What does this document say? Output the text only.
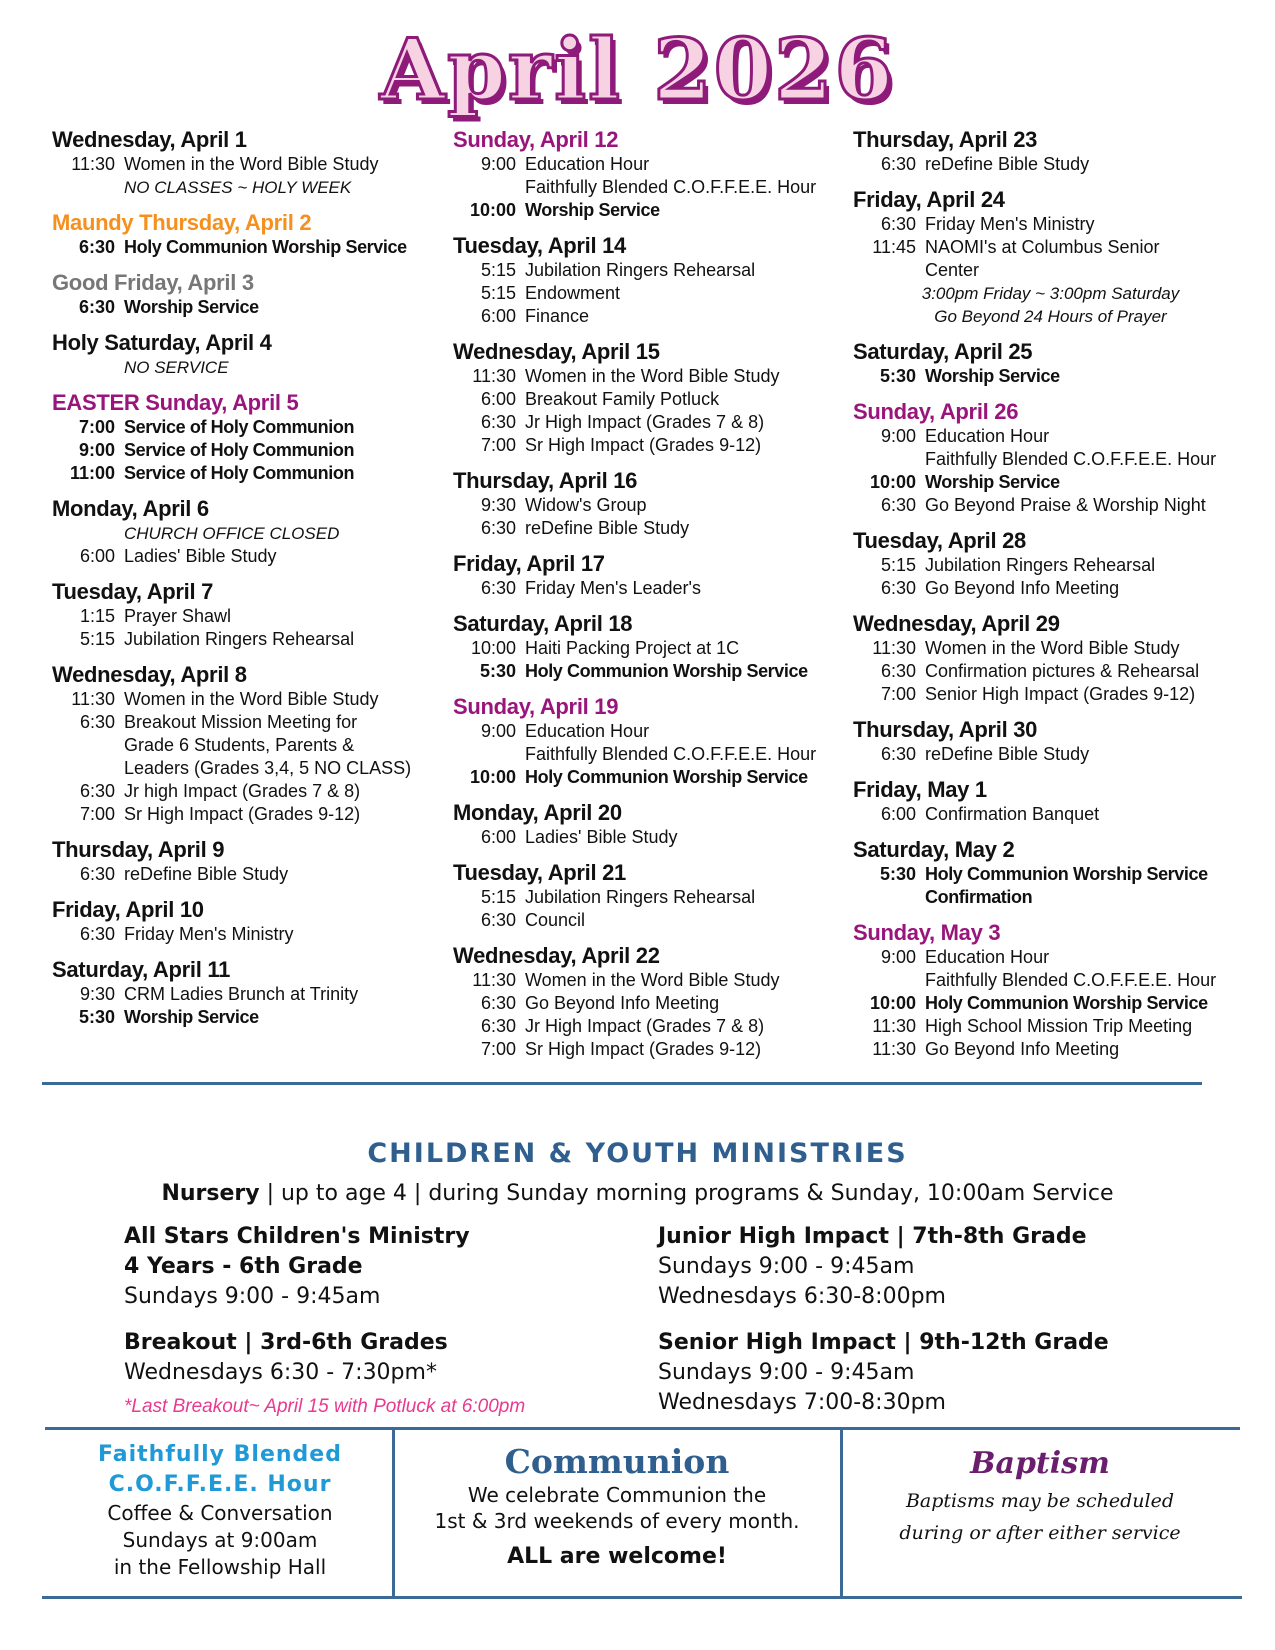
April 2026
Wednesday, April 1
11:30 Women in the Word Bible Study
NO CLASSES ~ HOLY WEEK
Maundy Thursday, April 2
6:30 Holy Communion Worship Service
Good Friday, April 3
6:30 Worship Service
Holy Saturday, April 4
NO SERVICE
EASTER Sunday, April 5
7:00 Service of Holy Communion
9:00 Service of Holy Communion
11:00 Service of Holy Communion
Monday, April 6
CHURCH OFFICE CLOSED
6:00 Ladies' Bible Study
Tuesday, April 7
1:15 Prayer Shawl
5:15 Jubilation Ringers Rehearsal
Wednesday, April 8
11:30 Women in the Word Bible Study
6:30 Breakout Mission Meeting for
Grade 6 Students, Parents &
Leaders (Grades 3,4, 5 NO CLASS)
6:30 Jr high Impact (Grades 7 & 8)
7:00 Sr High Impact (Grades 9-12)
Thursday, April 9
6:30 reDefine Bible Study
Friday, April 10
6:30 Friday Men's Ministry
Saturday, April 11
9:30 CRM Ladies Brunch at Trinity
5:30 Worship Service
Sunday, April 12
9:00 Education Hour
Faithfully Blended C.O.F.F.E.E. Hour
10:00 Worship Service
Tuesday, April 14
5:15 Jubilation Ringers Rehearsal
5:15 Endowment
6:00 Finance
Wednesday, April 15
11:30 Women in the Word Bible Study
6:00 Breakout Family Potluck
6:30 Jr High Impact (Grades 7 & 8)
7:00 Sr High Impact (Grades 9-12)
Thursday, April 16
9:30 Widow's Group
6:30 reDefine Bible Study
Friday, April 17
6:30 Friday Men's Leader's
Saturday, April 18
10:00 Haiti Packing Project at 1C
5:30 Holy Communion Worship Service
Sunday, April 19
9:00 Education Hour
Faithfully Blended C.O.F.F.E.E. Hour
10:00 Holy Communion Worship Service
Monday, April 20
6:00 Ladies' Bible Study
Tuesday, April 21
5:15 Jubilation Ringers Rehearsal
6:30 Council
Wednesday, April 22
11:30 Women in the Word Bible Study
6:30 Go Beyond Info Meeting
6:30 Jr High Impact (Grades 7 & 8)
7:00 Sr High Impact (Grades 9-12)
Thursday, April 23
6:30 reDefine Bible Study
Friday, April 24
6:30 Friday Men's Ministry
11:45 NAOMI's at Columbus Senior
Center
3:00pm Friday ~ 3:00pm Saturday
Go Beyond 24 Hours of Prayer
Saturday, April 25
5:30 Worship Service
Sunday, April 26
9:00 Education Hour
Faithfully Blended C.O.F.F.E.E. Hour
10:00 Worship Service
6:30 Go Beyond Praise & Worship Night
Tuesday, April 28
5:15 Jubilation Ringers Rehearsal
6:30 Go Beyond Info Meeting
Wednesday, April 29
11:30 Women in the Word Bible Study
6:30 Confirmation pictures & Rehearsal
7:00 Senior High Impact (Grades 9-12)
Thursday, April 30
6:30 reDefine Bible Study
Friday, May 1
6:00 Confirmation Banquet
Saturday, May 2
5:30 Holy Communion Worship Service
Confirmation
Sunday, May 3
9:00 Education Hour
Faithfully Blended C.O.F.F.E.E. Hour
10:00 Holy Communion Worship Service
11:30 High School Mission Trip Meeting
11:30 Go Beyond Info Meeting
CHILDREN & YOUTH MINISTRIES
Nursery | up to age 4 | during Sunday morning programs & Sunday, 10:00am Service
All Stars Children's Ministry
4 Years - 6th Grade
Sundays 9:00 - 9:45am
Breakout | 3rd-6th Grades
Wednesdays 6:30 - 7:30pm*
*Last Breakout~ April 15 with Potluck at 6:00pm
Junior High Impact | 7th-8th Grade
Sundays 9:00 - 9:45am
Wednesdays 6:30-8:00pm
Senior High Impact | 9th-12th Grade
Sundays 9:00 - 9:45am
Wednesdays 7:00-8:30pm
Faithfully Blended
C.O.F.F.E.E. Hour
Coffee & Conversation
Sundays at 9:00am
in the Fellowship Hall
Communion
We celebrate Communion the
1st & 3rd weekends of every month.
ALL are welcome!
Baptism
Baptisms may be scheduled
during or after either service
